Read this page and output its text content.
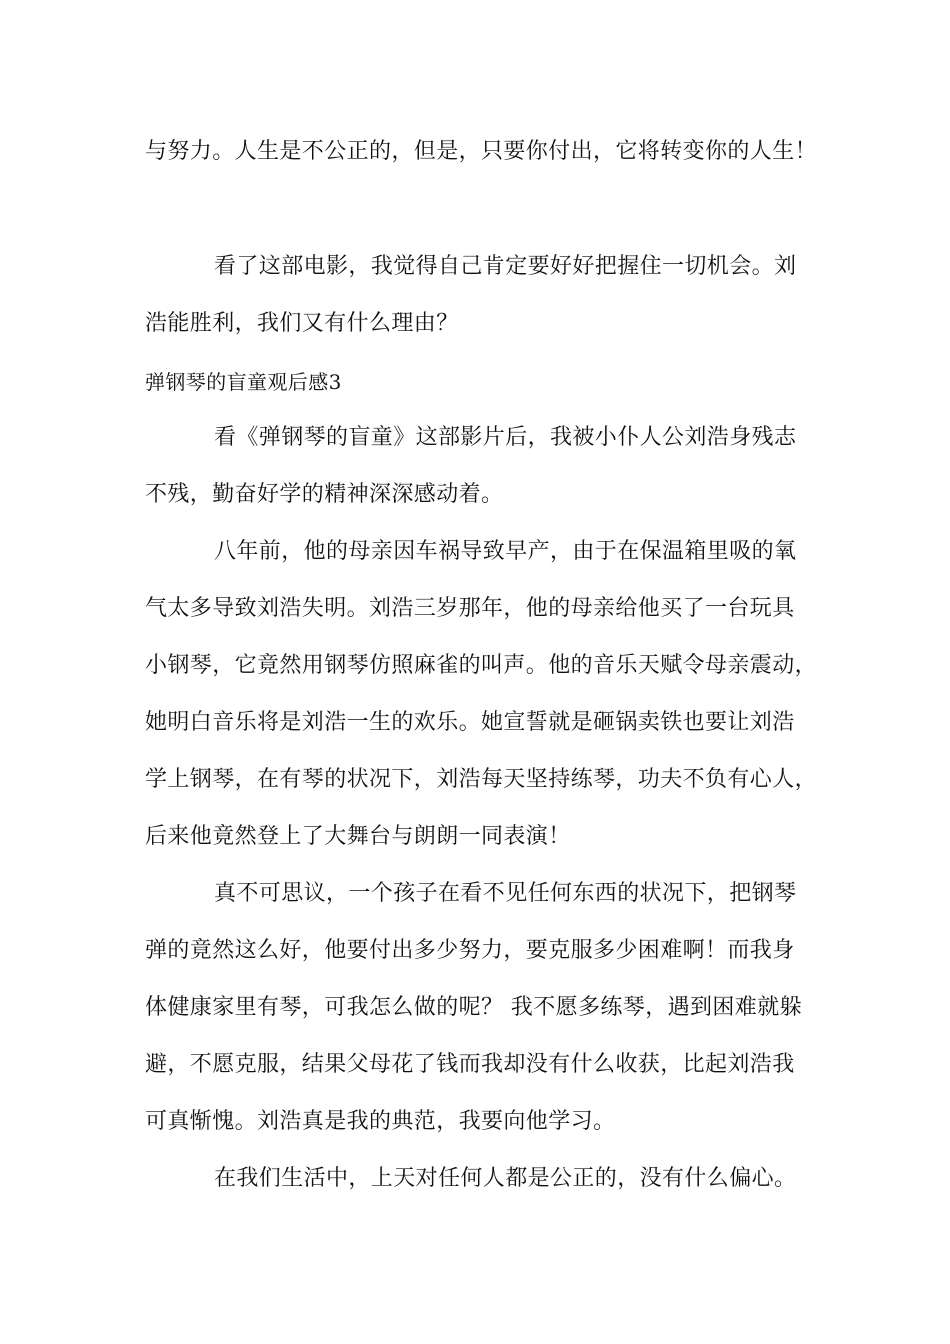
与努力。人生是不公正的，但是，只要你付出，它将转变你的人生！
看了这部电影，我觉得自己肯定要好好把握住一切机会。刘
浩能胜利，我们又有什么理由？
弹钢琴的盲童观后感3
看《弹钢琴的盲童》这部影片后，我被小仆人公刘浩身残志
不残，勤奋好学的精神深深感动着。
八年前，他的母亲因车祸导致早产，由于在保温箱里吸的氧
气太多导致刘浩失明。刘浩三岁那年，他的母亲给他买了一台玩具
小钢琴，它竟然用钢琴仿照麻雀的叫声。他的音乐天赋令母亲震动，
她明白音乐将是刘浩一生的欢乐。她宣誓就是砸锅卖铁也要让刘浩
学上钢琴，在有琴的状况下，刘浩每天坚持练琴，功夫不负有心人，
后来他竟然登上了大舞台与朗朗一同表演！
真不可思议，一个孩子在看不见任何东西的状况下，把钢琴
弹的竟然这么好，他要付出多少努力，要克服多少困难啊！而我身
体健康家里有琴，可我怎么做的呢？ 我不愿多练琴，遇到困难就躲
避，不愿克服，结果父母花了钱而我却没有什么收获，比起刘浩我
可真惭愧。刘浩真是我的典范，我要向他学习。
在我们生活中，上天对任何人都是公正的，没有什么偏心。
